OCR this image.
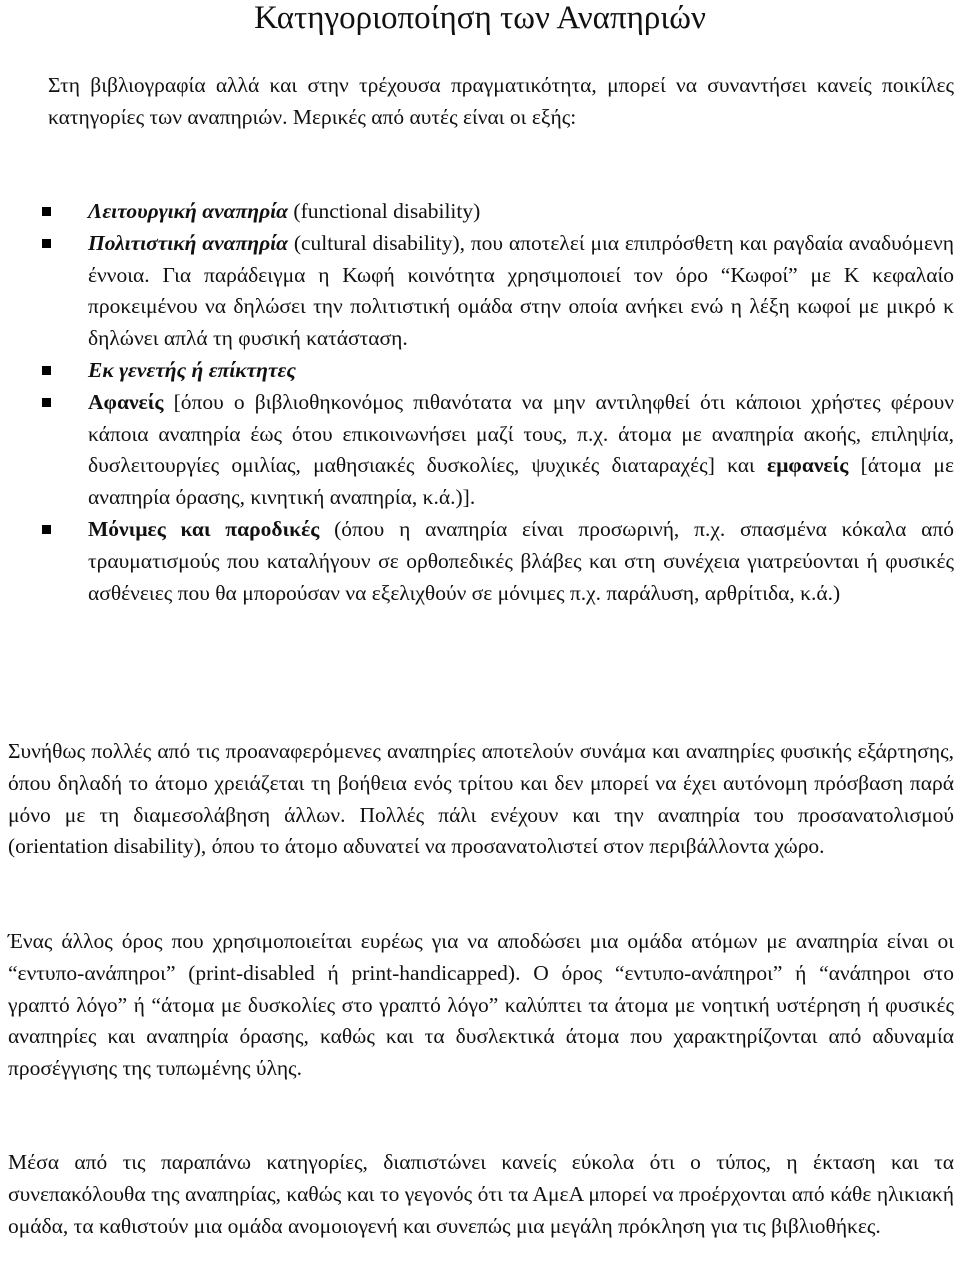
Κατηγοριοποίηση των Αναπηριών

Στη βιβλιογραφία αλλά και στην τρέχουσα πραγματικότητα, μπορεί να συναντήσει κανείς ποικίλες κατηγορίες των αναπηριών. Μερικές από αυτές είναι οι εξής:

Λειτουργική αναπηρία (functional disability)
Πολιτιστική αναπηρία (cultural disability), που αποτελεί μια επιπρόσθετη και ραγδαία αναδυόμενη έννοια. Για παράδειγμα η Κωφή κοινότητα χρησιμοποιεί τον όρο “Κωφοί” με Κ κεφαλαίο προκειμένου να δηλώσει την πολιτιστική ομάδα στην οποία ανήκει ενώ η λέξη κωφοί με μικρό κ δηλώνει απλά τη φυσική κατάσταση.
Εκ γενετής ή επίκτητες
Αφανείς [όπου ο βιβλιοθηκονόμος πιθανότατα να μην αντιληφθεί ότι κάποιοι χρήστες φέρουν κάποια αναπηρία έως ότου επικοινωνήσει μαζί τους, π.χ. άτομα με αναπηρία ακοής, επιληψία, δυσλειτουργίες ομιλίας, μαθησιακές δυσκολίες, ψυχικές διαταραχές] και εμφανείς [άτομα με αναπηρία όρασης, κινητική αναπηρία, κ.ά.)].
Μόνιμες και παροδικές (όπου η αναπηρία είναι προσωρινή, π.χ. σπασμένα κόκαλα από τραυματισμούς που καταλήγουν σε ορθοπεδικές βλάβες και στη συνέχεια γιατρεύονται ή φυσικές ασθένειες που θα μπορούσαν να εξελιχθούν σε μόνιμες π.χ. παράλυση, αρθρίτιδα, κ.ά.)

Συνήθως πολλές από τις προαναφερόμενες αναπηρίες αποτελούν συνάμα και αναπηρίες φυσικής εξάρτησης, όπου δηλαδή το άτομο χρειάζεται τη βοήθεια ενός τρίτου και δεν μπορεί να έχει αυτόνομη πρόσβαση παρά μόνο με τη διαμεσολάβηση άλλων. Πολλές πάλι ενέχουν και την αναπηρία του προσανατολισμού (orientation disability), όπου το άτομο αδυνατεί να προσανατολιστεί στον περιβάλλοντα χώρο.

Ένας άλλος όρος που χρησιμοποιείται ευρέως για να αποδώσει μια ομάδα ατόμων με αναπηρία είναι οι “εντυπο-ανάπηροι” (print-disabled ή print-handicapped). Ο όρος “εντυπο-ανάπηροι” ή “ανάπηροι στο γραπτό λόγο” ή “άτομα με δυσκολίες στο γραπτό λόγο” καλύπτει τα άτομα με νοητική υστέρηση ή φυσικές αναπηρίες και αναπηρία όρασης, καθώς και τα δυσλεκτικά άτομα που χαρακτηρίζονται από αδυναμία προσέγγισης της τυπωμένης ύλης.

Μέσα από τις παραπάνω κατηγορίες, διαπιστώνει κανείς εύκολα ότι ο τύπος, η έκταση και τα συνεπακόλουθα της αναπηρίας, καθώς και το γεγονός ότι τα ΑμεΑ μπορεί να προέρχονται από κάθε ηλικιακή ομάδα, τα καθιστούν μια ομάδα ανομοιογενή και συνεπώς μια μεγάλη πρόκληση για τις βιβλιοθήκες.
